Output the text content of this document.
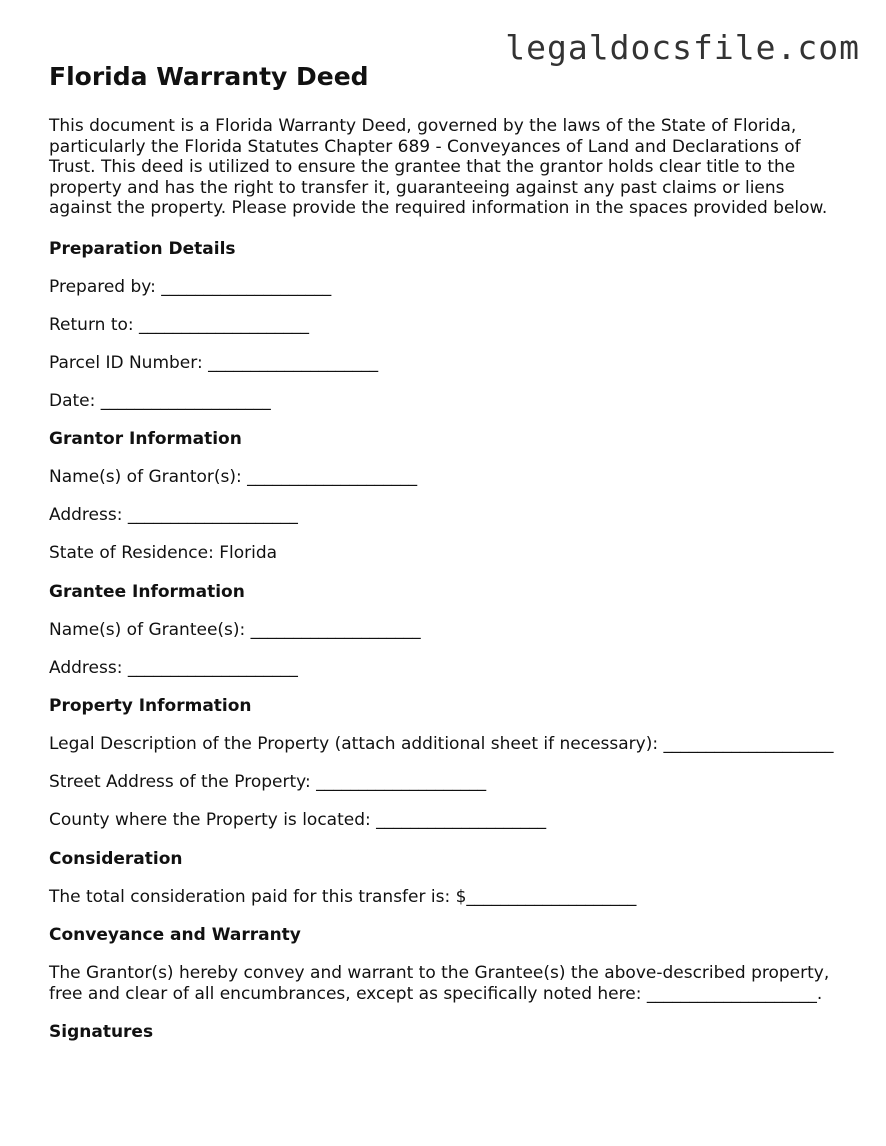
legaldocsfile.com
Florida Warranty Deed

This document is a Florida Warranty Deed, governed by the laws of the State of Florida, particularly the Florida Statutes Chapter 689 - Conveyances of Land and Declarations of Trust. This deed is utilized to ensure the grantee that the grantor holds clear title to the property and has the right to transfer it, guaranteeing against any past claims or liens against the property. Please provide the required information in the spaces provided below.

Preparation Details
Prepared by: ____________________
Return to: ____________________
Parcel ID Number: ____________________
Date: ____________________
Grantor Information
Name(s) of Grantor(s): ____________________
Address: ____________________
State of Residence: Florida
Grantee Information
Name(s) of Grantee(s): ____________________
Address: ____________________
Property Information
Legal Description of the Property (attach additional sheet if necessary): ____________________
Street Address of the Property: ____________________
County where the Property is located: ____________________
Consideration
The total consideration paid for this transfer is: $____________________
Conveyance and Warranty

The Grantor(s) hereby convey and warrant to the Grantee(s) the above-described property, free and clear of all encumbrances, except as specifically noted here: ____________________.

Signatures
